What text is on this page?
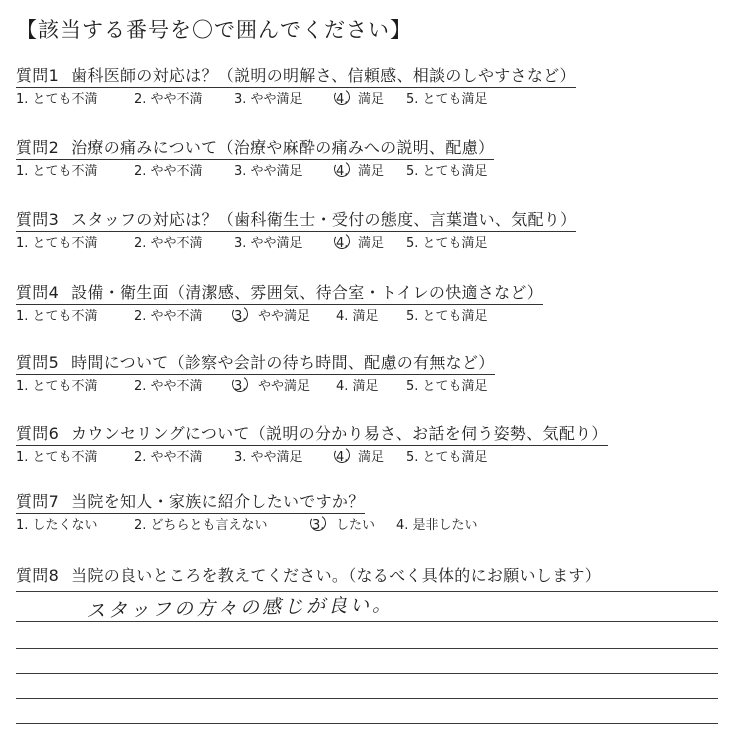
【該当する番号を〇で囲んでください】
質問1 歯科医師の対応は？（説明の明解さ、信頼感、相談のしやすさなど）
1. とても不満	2. やや不満 3. やや満足	4. 満足 5. とても満足
質問2 治療の痛みについて（治療や麻酔の痛みへの説明、配慮）
1. とても不満	2. やや不満 3. やや満足	4. 満足 5. とても満足
質問3 スタッフの対応は？（歯科衛生士・受付の態度、言葉遣い、気配り）
1. とても不満	2. やや不満 3. やや満足	4. 満足 5. とても満足
質問4 設備・衛生面（清潔感、雰囲気、待合室・トイレの快適さなど）
1. とても不満	2. やや不満 3. やや満足 4. 満足 5. とても満足
質問5 時間について（診察や会計の待ち時間、配慮の有無など）
1. とても不満	2. やや不満 3. やや満足 4. 満足 5. とても満足
質問6 カウンセリングについて（説明の分かり易さ、お話を伺う姿勢、気配り）
1. とても不満	2. やや不満 3. やや満足	4. 満足 5. とても満足
質問7 当院を知人・家族に紹介したいですか？
1. したくない	2. どちらとも言えない	3. したい 4. 是非したい
質問8 当院の良いところを教えてください。（なるべく具体的にお願いします）
スタッフの方々の感じが良い。
